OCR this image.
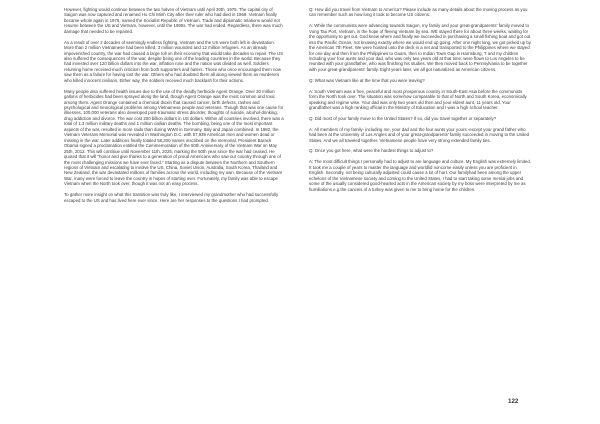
However, fighting would continue between the two halves of Vietnam until April 30th, 1975. The capital city of Saigon was now captured and renamed Ho Chi Minh City after their ruler who had died in 1969. Vietnam finally became whole again in 1976, named the Socialist Republic of Vietnam. Trade and diplomatic relations would not resume between the US and Vietnam, however, until the 1990s. The war had ended. Regardless, there was much damage that needed to be repaired.

As a result of over 2 decades of seemingly endless fighting, Vietnam and the US were both left in devastation. More than 2 million Vietnamese had been killed, 3 million wounded and 12 million refugees. As an already impoverished country, the war had caused a large toll on their economy that would take decades to repair. The US also suffered the consequences of the war, despite being one of the leading countries in the world. Because they had invested over 120 billion dollars into the war, inflation rose and the nation was divided as well. Soldiers returning home received much criticism from both supporters and haters. Those who once encouraged them now saw them as a failure for having lost the war. Others who had doubted them all along viewed them as murderers who killed innocent civilians. Either way, the soldiers received much backlash for their actions.

Many people also suffered health issues due to the use of the deadly herbicide Agent Orange. Over 20 million gallons of herbicides had been sprayed along the land, though Agent Orange was the most common and toxic among them. Agent Orange contained a chemical dioxin that caused cancer, birth defects, rashes and psychological and neurological problems among Vietnamese people and veterans. Though that was one cause for illnesses, 100,000 veterans also developed post-traumatic stress disorder, thoughts of suicide, alcohol-drinking, drug addiction and divorce. The war cost 200 billion dollars in US dollars. Within all countries involved, there was a total of 1.3 million military deaths and 1 million civilian deaths. The bombing, being one of the most important aspects of the war, resulted in more raids than during WWII in Germany, Italy and Japan combined. In 1982, the Vietnam Veterans Memorial was revealed in Washington D.C. with 57,939 American men and women dead or missing in the war. Later additions finally totaled 58,200 names inscribed on the memorial. President Barack Obama signed a proclamation entitled the Commemoration of the 50th Anniversary of the Vietnam War on May 25th, 2012. This will continue until November 11th, 2025, marking the 50th year since the war had ceased. He quoted that it will "honor and give thanks to a generation of proud Americans who saw our country through one of the most challenging missions we have ever faced." Starting as a dispute between the Northern and Southern regions of Vietnam and escalating to involve the US, China, Soviet Union, Australia, South Korea, Thailand and New Zealand, the war devastated millions of families across the world, including my own. Because of the Vietnam War, many were forced to leave the country in hopes of starting over. Fortunately, my family was able to escape Vietnam when the North took over, though it was not an easy process.

To gather more insight on what this transition was truly like, I interviewed my grandmother who had successfully escaped to the US and has lived here ever since. Here are her responses to the questions I had prompted.

Q: How did you travel from Vietnam to America? Please include as many details about the moving process as you can remember such as how long it took to become US citizens.

A: While the communists were advancing towards Saigon, my family and your great-grandparents' family moved to Vung Tau Port, Vietnam, in the hope of fleeing Vietnam by sea. WE stayed there for about three weeks, waiting for the opportunity to get out. God knew where and finally we succeeded in purchasing a small fishing boat and got out into the Pacific Ocean, not knowing exactly where we would end up going. After one night long, we got picked up by the American 7th Fleet. We were hoisted unto the deck in a net and transported to the Philippines where we stayed for one day and then from the Philippines to Guam, then to Indian Town Gap in Harrisburg, T and my children including your four aunts and your dad, who was only two years old at that time, were flown to Los Angeles to be reunited with your grandfather, who was finishing his studies. We then moved back to Pennsylvania to be together with your great-grandparents' family. Eight years later, we all got naturalized as American citizens.

Q: What was Vietnam like at the time that you were leaving?

A: South Vietnam was a free, peaceful and most prosperous country in South-East Asia before the communists form the North took over. The situation was somehow comparable to that of North and South Korea, economically speaking and regime wise. Your dad was only two years old then and your eldest aunt, 11 years old. Your grandfather was a high ranking official in the Ministry of Education and I was a high school teacher.

Q: Did most of your family move to the United States? If so, did you travel together or separately?

A: All members of my family- including me, your dad and the four aunts your yours -except your grand father who had been at the University of Los Angles and of your great-grandparents' family succeeded in moving to the United States. And we all traveled together. Vietnamese people have very strong extended family ties.

Q: Once you got here, what were the hardest things to adjust to?

A: The most difficult things I personally had to adjust to are language and culture. My English was extremely limited. It took me a couple of years to master the language and worldlid noncome easily unless you are proficient in English. Secondly, not being culturally adjusted could cause a lot of hurt. Our familyhad been among the upper echelons of the Vietnamese society and coming to the United States, I had to start taking some menial jobs and some of the usually considered good-hearted acts in the American society by my boss were interpreted by me as humiliations,e.g.the canceis of a turkey was given to me to bring home for the children.

122
